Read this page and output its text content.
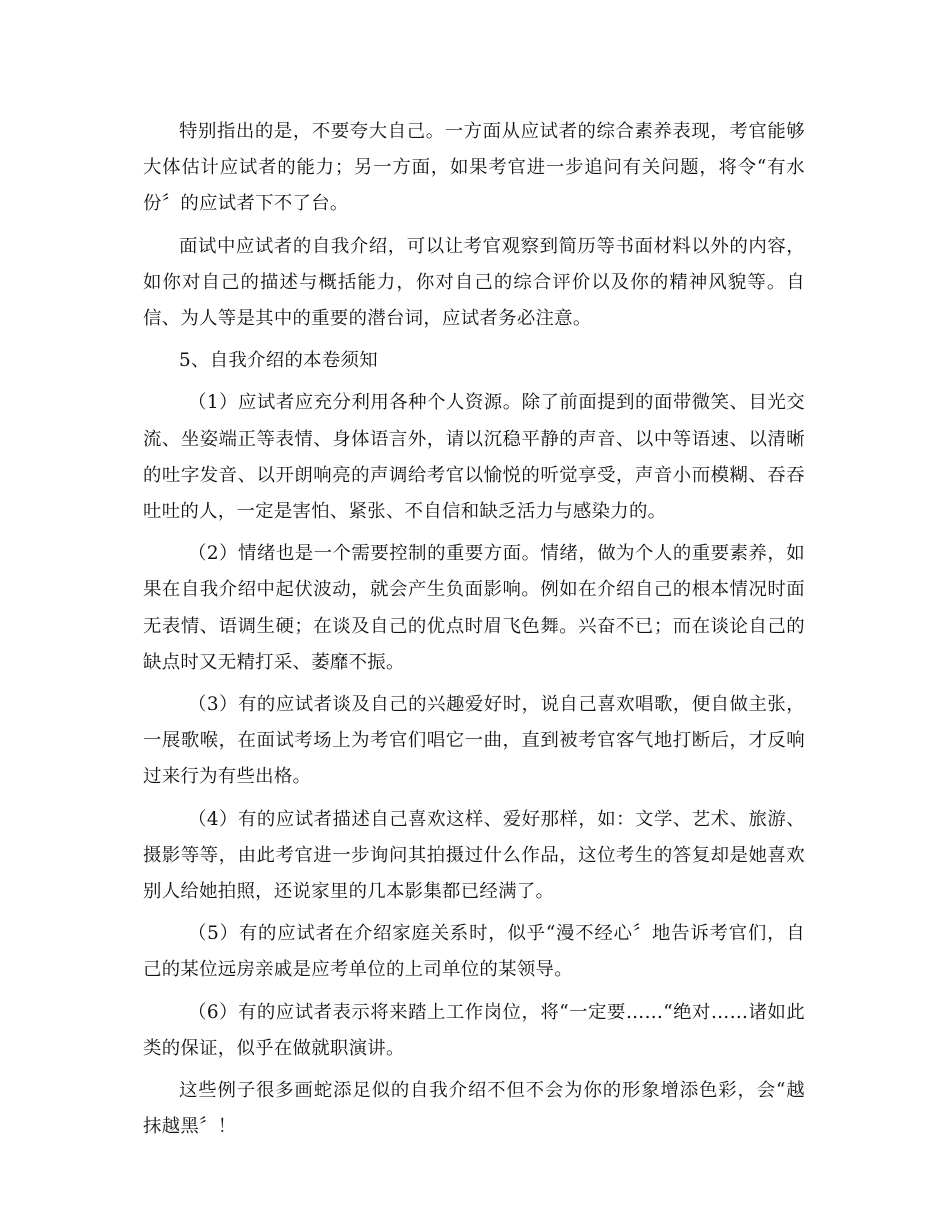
特别指出的是，不要夸大自己。一方面从应试者的综合素养表现，考官能够大体估计应试者的能力；另一方面，如果考官进一步追问有关问题，将令“有水份〞的应试者下不了台。

面试中应试者的自我介绍，可以让考官观察到简历等书面材料以外的内容，如你对自己的描述与概括能力，你对自己的综合评价以及你的精神风貌等。自信、为人等是其中的重要的潜台词，应试者务必注意。

5、自我介绍的本卷须知

（1）应试者应充分利用各种个人资源。除了前面提到的面带微笑、目光交流、坐姿端正等表情、身体语言外，请以沉稳平静的声音、以中等语速、以清晰的吐字发音、以开朗响亮的声调给考官以愉悦的听觉享受，声音小而模糊、吞吞吐吐的人，一定是害怕、紧张、不自信和缺乏活力与感染力的。

（2）情绪也是一个需要控制的重要方面。情绪，做为个人的重要素养，如果在自我介绍中起伏波动，就会产生负面影响。例如在介绍自己的根本情况时面无表情、语调生硬；在谈及自己的优点时眉飞色舞。兴奋不已；而在谈论自己的缺点时又无精打采、萎靡不振。

（3）有的应试者谈及自己的兴趣爱好时，说自己喜欢唱歌，便自做主张，一展歌喉，在面试考场上为考官们唱它一曲，直到被考官客气地打断后，才反响过来行为有些出格。

（4）有的应试者描述自己喜欢这样、爱好那样，如：文学、艺术、旅游、摄影等等，由此考官进一步询问其拍摄过什么作品，这位考生的答复却是她喜欢别人给她拍照，还说家里的几本影集都已经满了。

（5）有的应试者在介绍家庭关系时，似乎“漫不经心〞地告诉考官们，自己的某位远房亲戚是应考单位的上司单位的某领导。

（6）有的应试者表示将来踏上工作岗位，将“一定要……“绝对……诸如此类的保证，似乎在做就职演讲。

这些例子很多画蛇添足似的自我介绍不但不会为你的形象增添色彩，会“越抹越黑〞！
